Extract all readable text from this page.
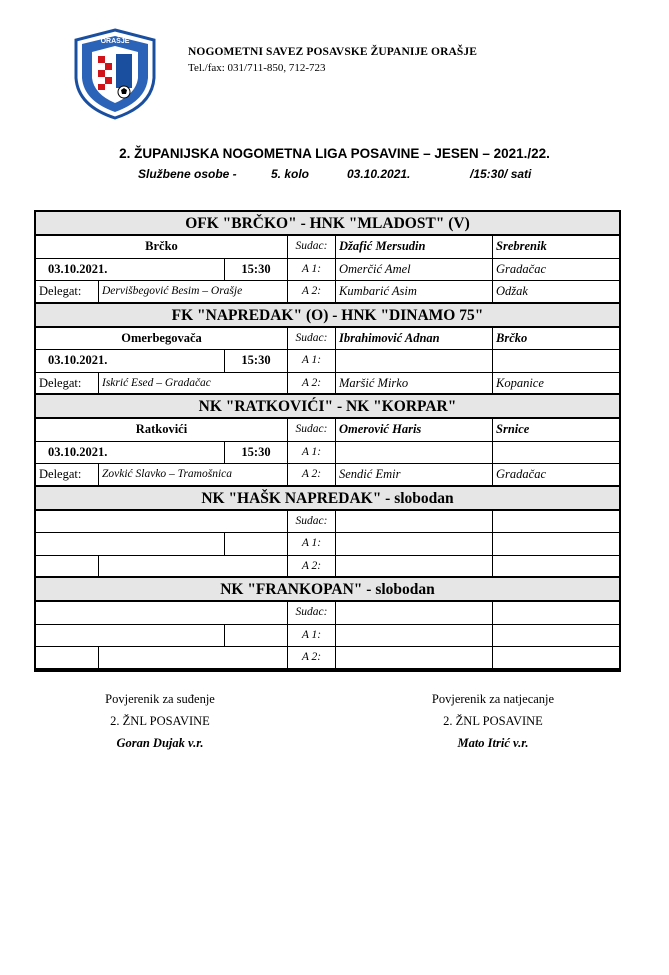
ORAŠJE
NOGOMETNI SAVEZ POSAVSKE ŽUPANIJE ORAŠJE
Tel./fax: 031/711-850, 712-723
2. ŽUPANIJSKA NOGOMETNA LIGA POSAVINE – JESEN – 2021./22.
Službene osobe -	5. kolo	03.10.2021.	/15:30/ sati
OFK "BRČKO" - HNK "MLADOST" (V)
Brčko	Sudac: Džafić Mersudin	Srebrenik
03.10.2021.	15:30	A 1:	Omerčić Amel	Gradačac
Delegat:	Dervišbegović Besim – Orašje	A 2:	Kumbarić Asim	Odžak
FK "NAPREDAK" (O) - HNK "DINAMO 75"
Omerbegovača	Sudac: Ibrahimović Adnan	Brčko
03.10.2021.	15:30	A 1:
Delegat:	Iskrić Esed – Gradačac	A 2:	Maršić Mirko	Kopanice
NK "RATKOVIĆI" - NK "KORPAR"
Ratkovići	Sudac: Omerović Haris	Srnice
03.10.2021.	15:30	A 1:
Delegat:	Zovkić Slavko – Tramošnica	A 2:	Sendić Emir	Gradačac
NK "HAŠK NAPREDAK" - slobodan
Sudac:
A 1:
A 2:
NK "FRANKOPAN" - slobodan
Sudac:
A 1:
A 2:
Povjerenik za suđenje
2. ŽNL POSAVINE
Goran Dujak v.r.
Povjerenik za natjecanje
2. ŽNL POSAVINE
Mato Itrić v.r.
